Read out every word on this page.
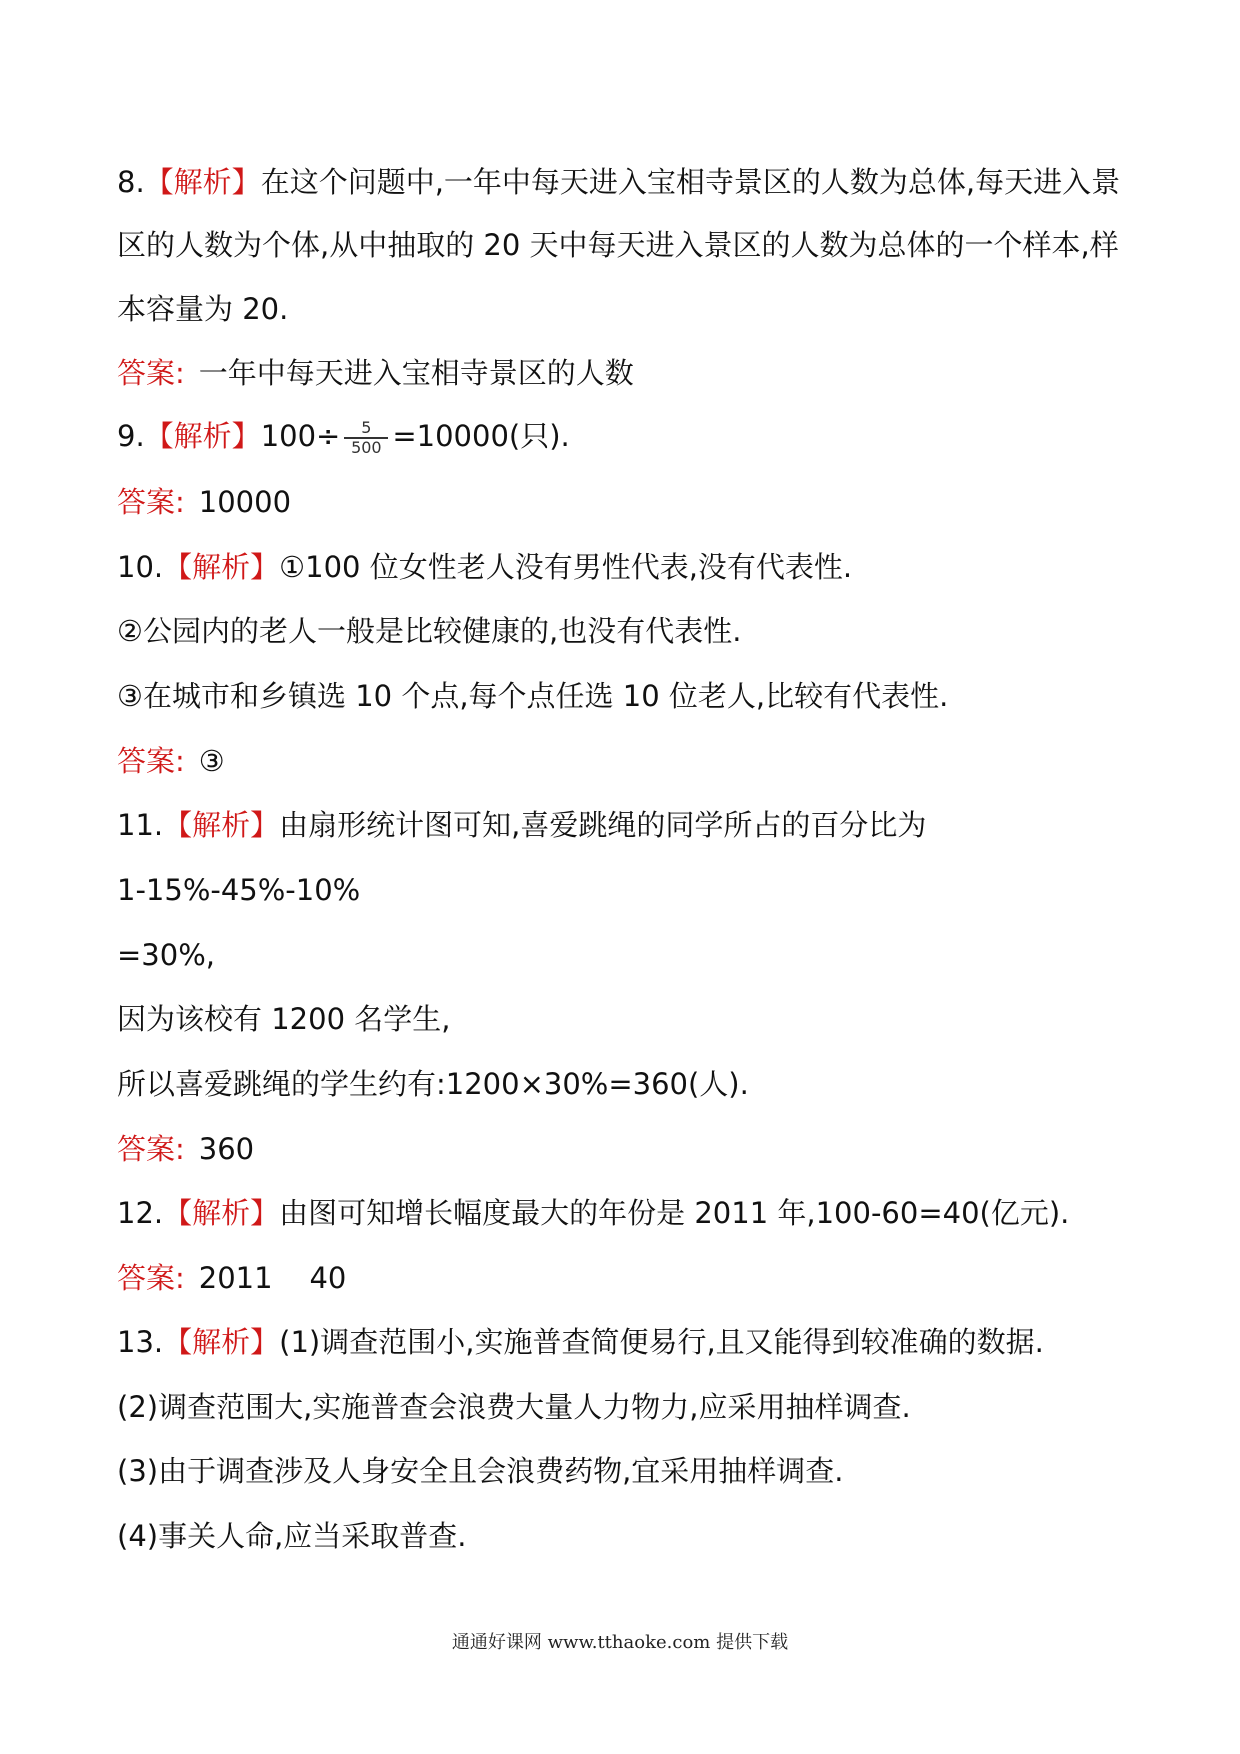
8.【解析】在这个问题中,一年中每天进入宝相寺景区的人数为总体,每天进入景
区的人数为个体,从中抽取的 20 天中每天进入景区的人数为总体的一个样本,样
本容量为 20.
答案: 一年中每天进入宝相寺景区的人数
9.【解析】$100\div \frac{5}{500} =10000$(只).
答案: 10000
10.【解析】①100 位女性老人没有男性代表,没有代表性.
②公园内的老人一般是比较健康的,也没有代表性.
③在城市和乡镇选 10 个点,每个点任选 10 位老人,比较有代表性.
答案: ③
11.【解析】由扇形统计图可知,喜爱跳绳的同学所占的百分比为
1-15%-45%-10%
=30%,
因为该校有 1200 名学生,
所以喜爱跳绳的学生约有:1200×30%=360(人).
答案: 360
12.【解析】由图可知增长幅度最大的年份是 2011 年,100-60=40(亿元).
答案: 2011    40
13.【解析】(1)调查范围小,实施普查简便易行,且又能得到较准确的数据.
(2)调查范围大,实施普查会浪费大量人力物力,应采用抽样调查.
(3)由于调查涉及人身安全且会浪费药物,宜采用抽样调查.
(4)事关人命,应当采取普查.
通通好课网 www.tthaoke.com 提供下载
